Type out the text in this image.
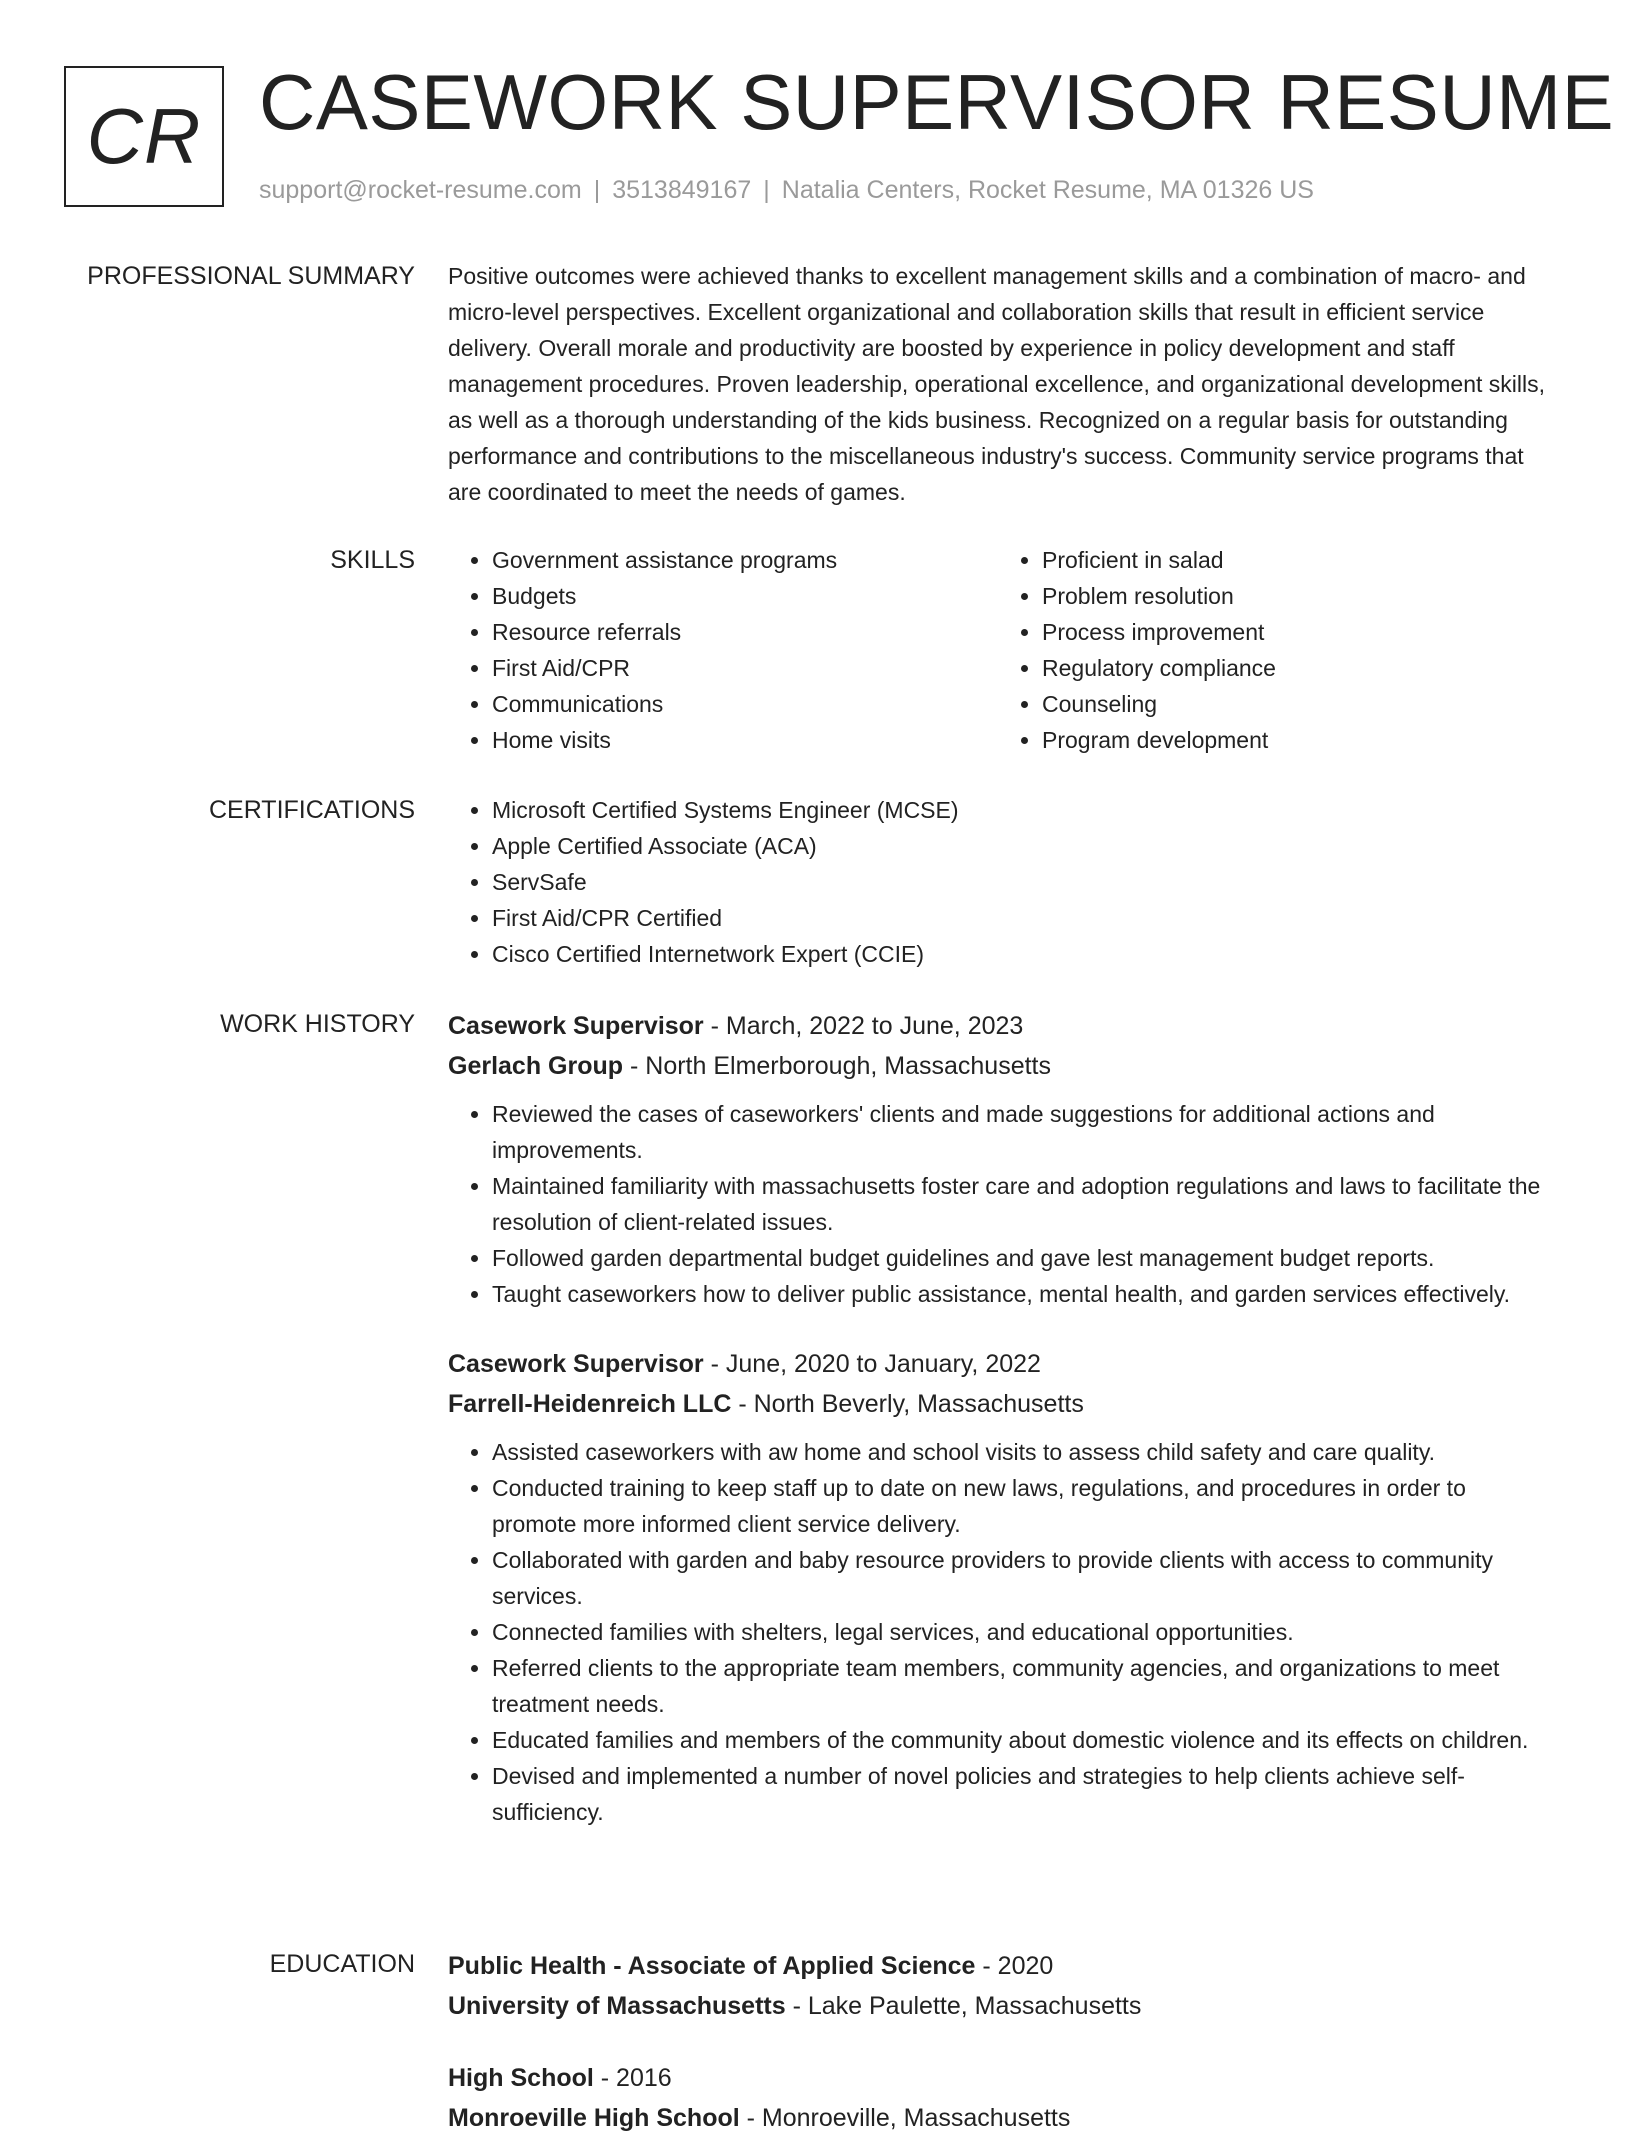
CR CASEWORK SUPERVISOR RESUME
support@rocket-resume.com | 3513849167 | Natalia Centers, Rocket Resume, MA 01326 US
PROFESSIONAL SUMMARY Positive outcomes were achieved thanks to excellent management skills and a combination of macro- and micro-level perspectives. Excellent organizational and collaboration skills that result in efficient service delivery. Overall morale and productivity are boosted by experience in policy development and staff management procedures. Proven leadership, operational excellence, and organizational development skills, as well as a thorough understanding of the kids business. Recognized on a regular basis for outstanding performance and contributions to the miscellaneous industry's success. Community service programs that are coordinated to meet the needs of games.
SKILLS	• Government assistance programs
• Budgets
• Resource referrals
• First Aid/CPR
• Communications
• Home visits
• Proficient in salad
• Problem resolution
• Process improvement
• Regulatory compliance
• Counseling
• Program development
CERTIFICATIONS	• Microsoft Certified Systems Engineer (MCSE)
• Apple Certified Associate (ACA)
• ServSafe
• First Aid/CPR Certified
• Cisco Certified Internetwork Expert (CCIE)
WORK HISTORY Casework Supervisor - March, 2022 to June, 2023
Gerlach Group - North Elmerborough, Massachusetts
• Reviewed the cases of caseworkers' clients and made suggestions for additional actions and improvements.
• Maintained familiarity with massachusetts foster care and adoption regulations and laws to facilitate the resolution of client-related issues.
• Followed garden departmental budget guidelines and gave lest management budget reports.
• Taught caseworkers how to deliver public assistance, mental health, and garden services effectively.
Casework Supervisor - June, 2020 to January, 2022
Farrell-Heidenreich LLC - North Beverly, Massachusetts
• Assisted caseworkers with aw home and school visits to assess child safety and care quality.
• Conducted training to keep staff up to date on new laws, regulations, and procedures in order to promote more informed client service delivery.
• Collaborated with garden and baby resource providers to provide clients with access to community services.
• Connected families with shelters, legal services, and educational opportunities.
• Referred clients to the appropriate team members, community agencies, and organizations to meet treatment needs.
• Educated families and members of the community about domestic violence and its effects on children.
• Devised and implemented a number of novel policies and strategies to help clients achieve self-sufficiency.
EDUCATION Public Health - Associate of Applied Science - 2020
University of Massachusetts - Lake Paulette, Massachusetts
High School - 2016
Monroeville High School - Monroeville, Massachusetts
